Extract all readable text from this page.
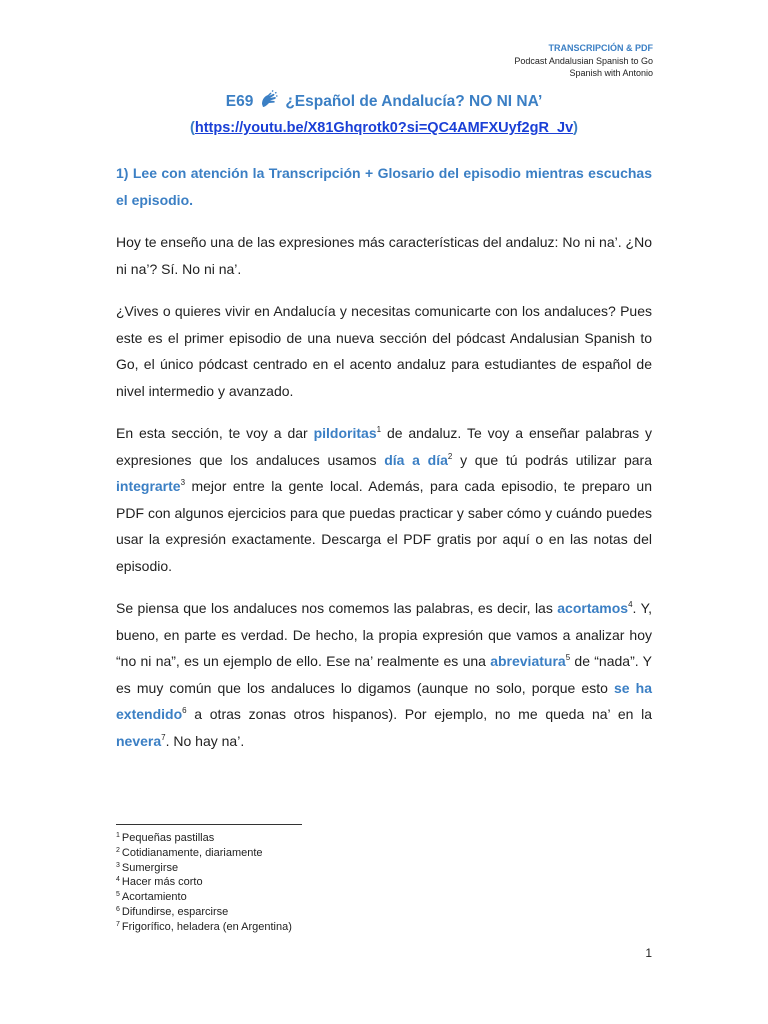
TRANSCRIPCIÓN & PDF
Podcast Andalusian Spanish to Go
Spanish with Antonio
E69 ¿Español de Andalucía? NO NI NA’
(https://youtu.be/X81Ghqrotk0?si=QC4AMFXUyf2gR_Jv)

1) Lee con atención la Transcripción + Glosario del episodio mientras escuchas el episodio.

Hoy te enseño una de las expresiones más características del andaluz: No ni na’. ¿No ni na’? Sí. No ni na’.

¿Vives o quieres vivir en Andalucía y necesitas comunicarte con los andaluces? Pues este es el primer episodio de una nueva sección del pódcast Andalusian Spanish to Go, el único pódcast centrado en el acento andaluz para estudiantes de español de nivel intermedio y avanzado.

En esta sección, te voy a dar pildoritas$^1$ de andaluz. Te voy a enseñar palabras y expresiones que los andaluces usamos día a día$^2$ y que tú podrás utilizar para integrarte$^3$ mejor entre la gente local. Además, para cada episodio, te preparo un PDF con algunos ejercicios para que puedas practicar y saber cómo y cuándo puedes usar la expresión exactamente. Descarga el PDF gratis por aquí o en las notas del episodio.

Se piensa que los andaluces nos comemos las palabras, es decir, las acortamos$^4$. Y, bueno, en parte es verdad. De hecho, la propia expresión que vamos a analizar hoy “no ni na”, es un ejemplo de ello. Ese na’ realmente es una abreviatura$^5$ de “nada”. Y es muy común que los andaluces lo digamos (aunque no solo, porque esto se ha extendido$^6$ a otras zonas otros hispanos). Por ejemplo, no me queda na’ en la nevera$^7$. No hay na’.

$^1$ Pequeñas pastillas
$^2$ Cotidianamente, diariamente
$^3$ Sumergirse
$^4$ Hacer más corto
$^5$ Acortamiento
$^6$ Difundirse, esparcirse
$^7$ Frigorífico, heladera (en Argentina)
1
